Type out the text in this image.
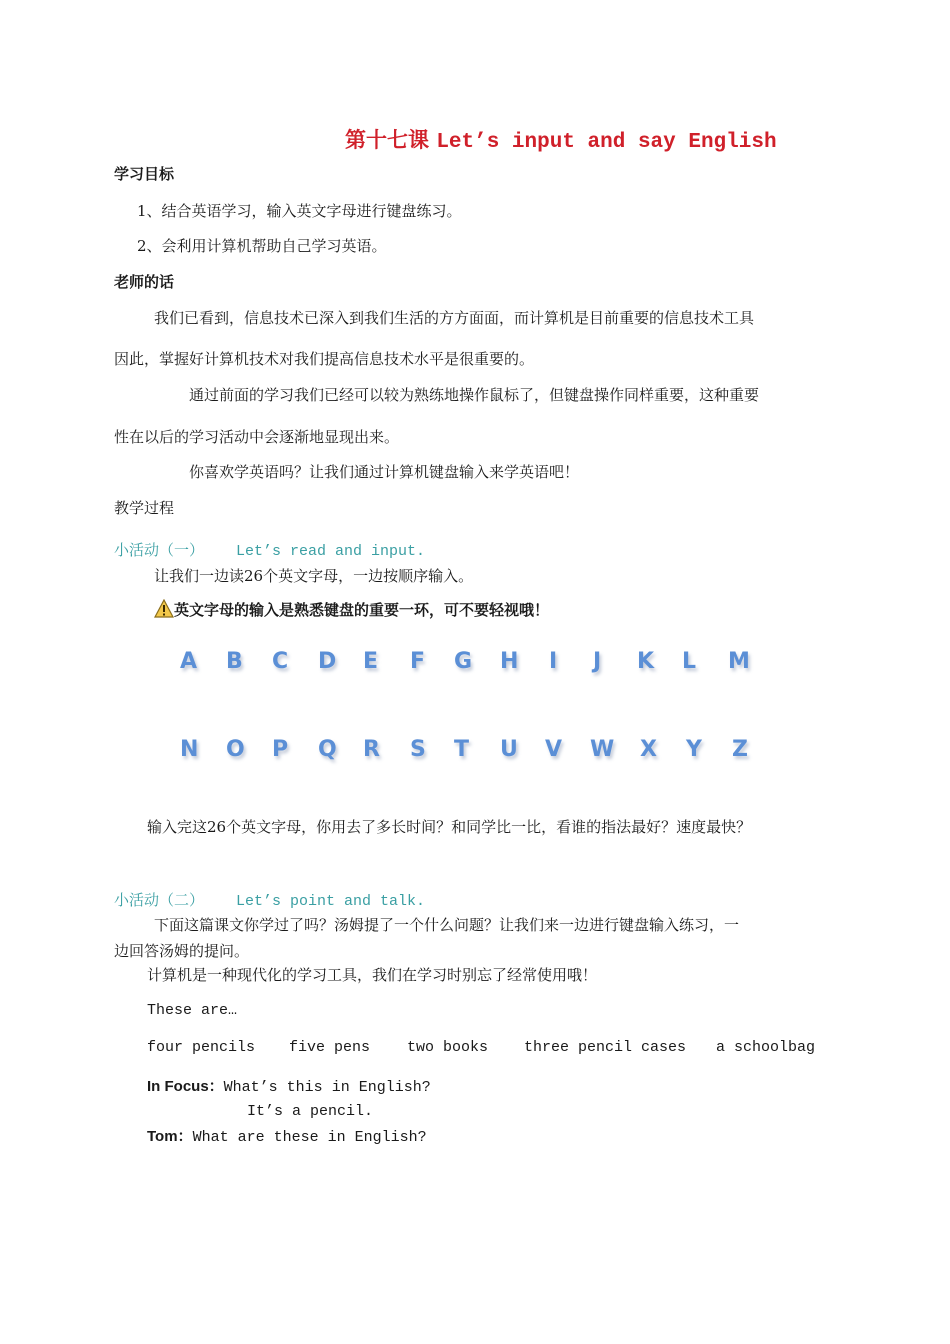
第十七课 Let’s input and say English
学习目标
1、结合英语学习，输入英文字母进行键盘练习。
2、会利用计算机帮助自己学习英语。
老师的话
我们已看到，信息技术已深入到我们生活的方方面面，而计算机是目前重要的信息技术工具
因此，掌握好计算机技术对我们提高信息技术水平是很重要的。
通过前面的学习我们已经可以较为熟练地操作鼠标了，但键盘操作同样重要，这种重要
性在以后的学习活动中会逐渐地显现出来。
你喜欢学英语吗？让我们通过计算机键盘输入来学英语吧！
教学过程
小活动（一） Let’s read and input.
让我们一边读26个英文字母，一边按顺序输入。
英文字母的输入是熟悉键盘的重要一环，可不要轻视哦！
A B C D E F G H I J K L M
N O P Q R S T U V W X Y Z
输入完这26个英文字母，你用去了多长时间？和同学比一比，看谁的指法最好？速度最快？
小活动（二） Let’s point and talk.
下面这篇课文你学过了吗？汤姆提了一个什么问题？让我们来一边进行键盘输入练习，一
边回答汤姆的提问。
计算机是一种现代化的学习工具，我们在学习时别忘了经常使用哦！
These are…
four pencils five pens two books three pencil cases a schoolbag
In Focus：What’s this in English?
It’s a pencil.
Tom：What are these in English?
